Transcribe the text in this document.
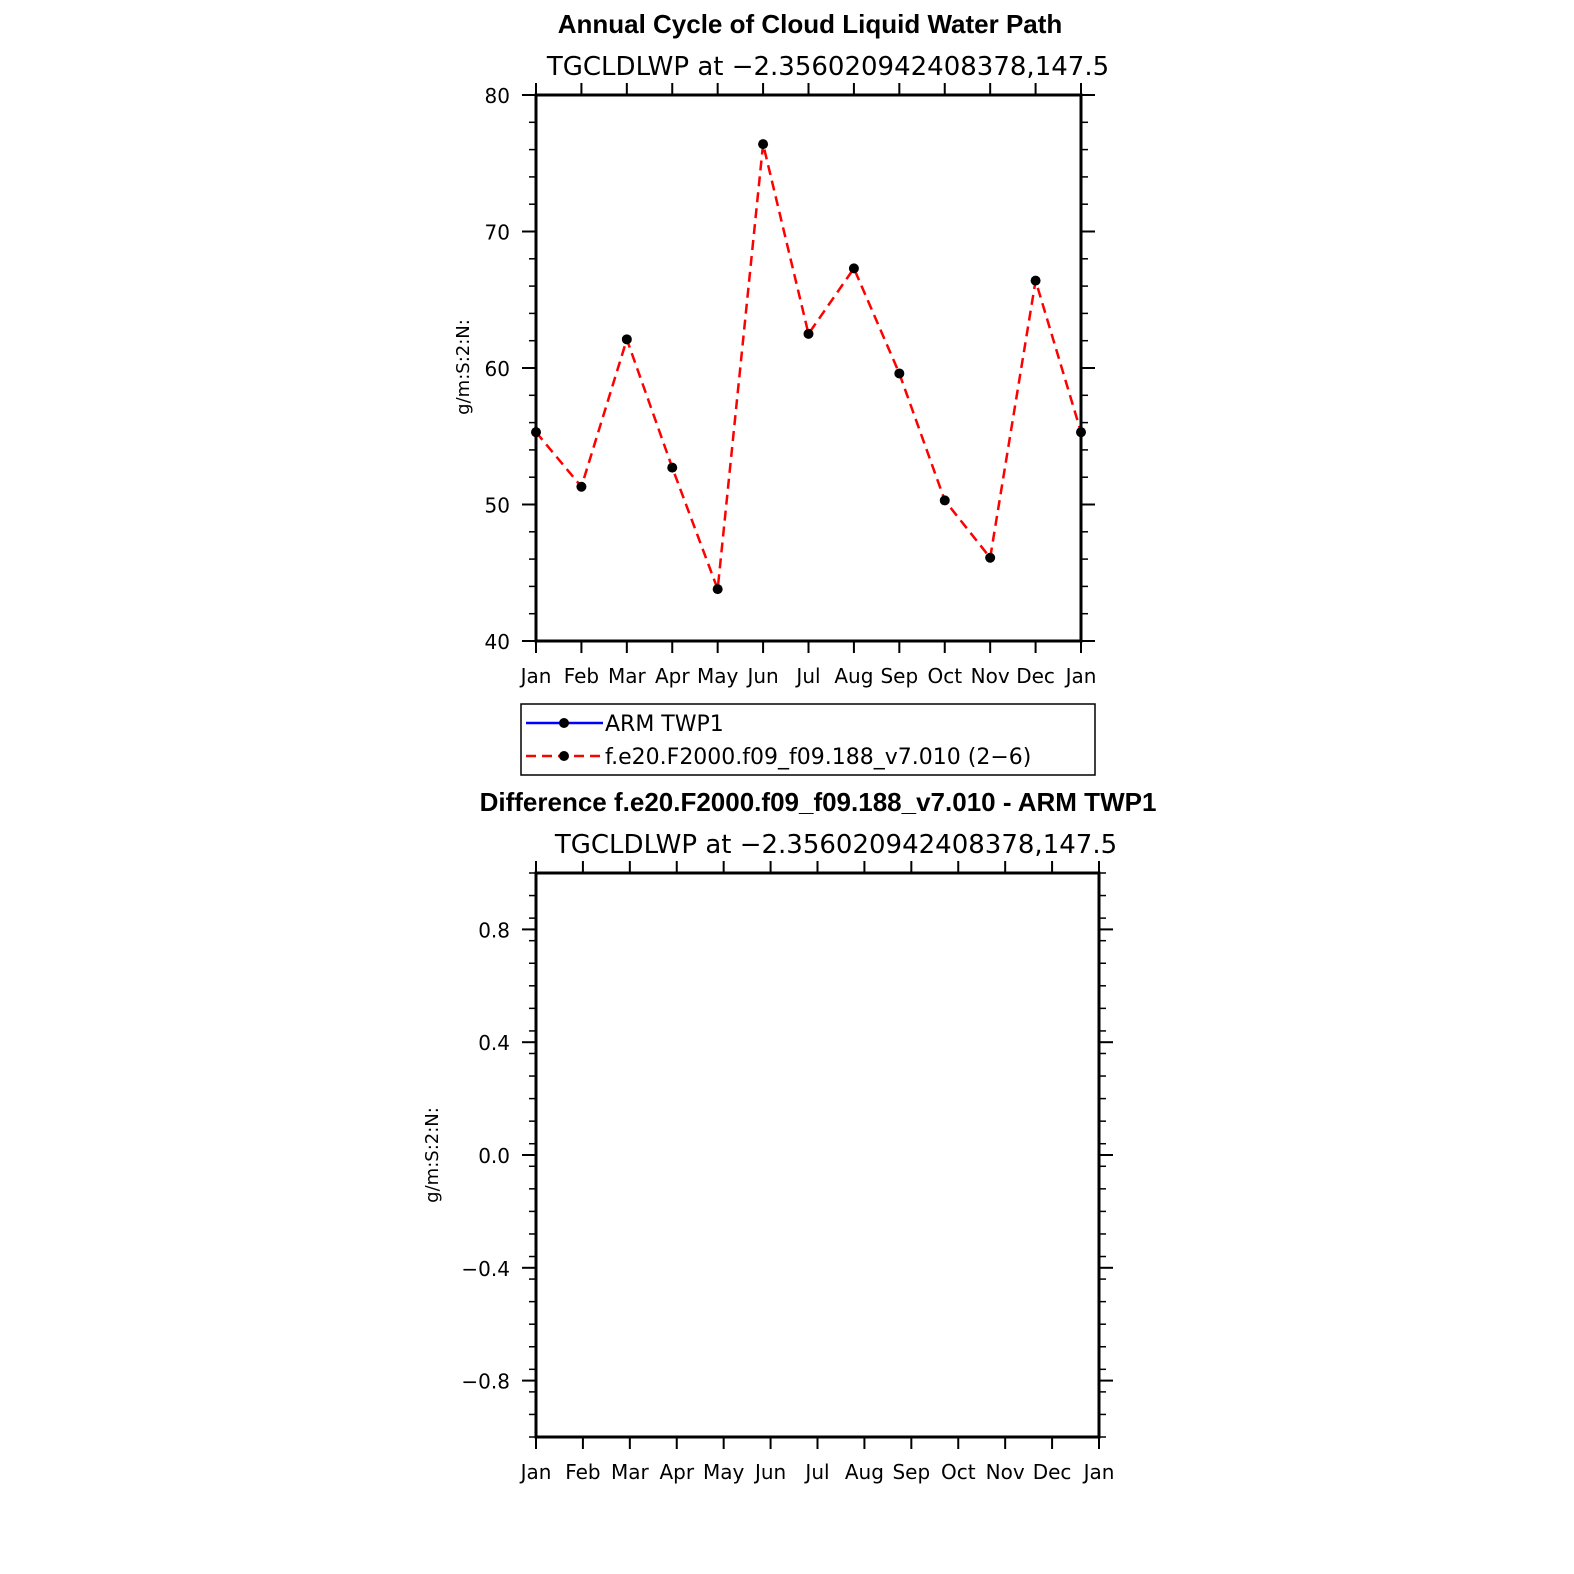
Annual Cycle of Cloud Liquid Water Path
TGCLDLWP at −2.356020942408378,147.5
g/m:S:2:N:
Jan Feb Mar Apr May Jun Jul Aug Sep Oct Nov Dec Jan
40
50
60
70
80
ARM TWP1
f.e20.F2000.f09_f09.188_v7.010 (2−6)
Difference f.e20.F2000.f09_f09.188_v7.010 - ARM TWP1
TGCLDLWP at −2.356020942408378,147.5
g/m:S:2:N:
Jan Feb Mar Apr May Jun Jul Aug Sep Oct Nov Dec Jan
−0.8
−0.4
0.0
0.4
0.8
